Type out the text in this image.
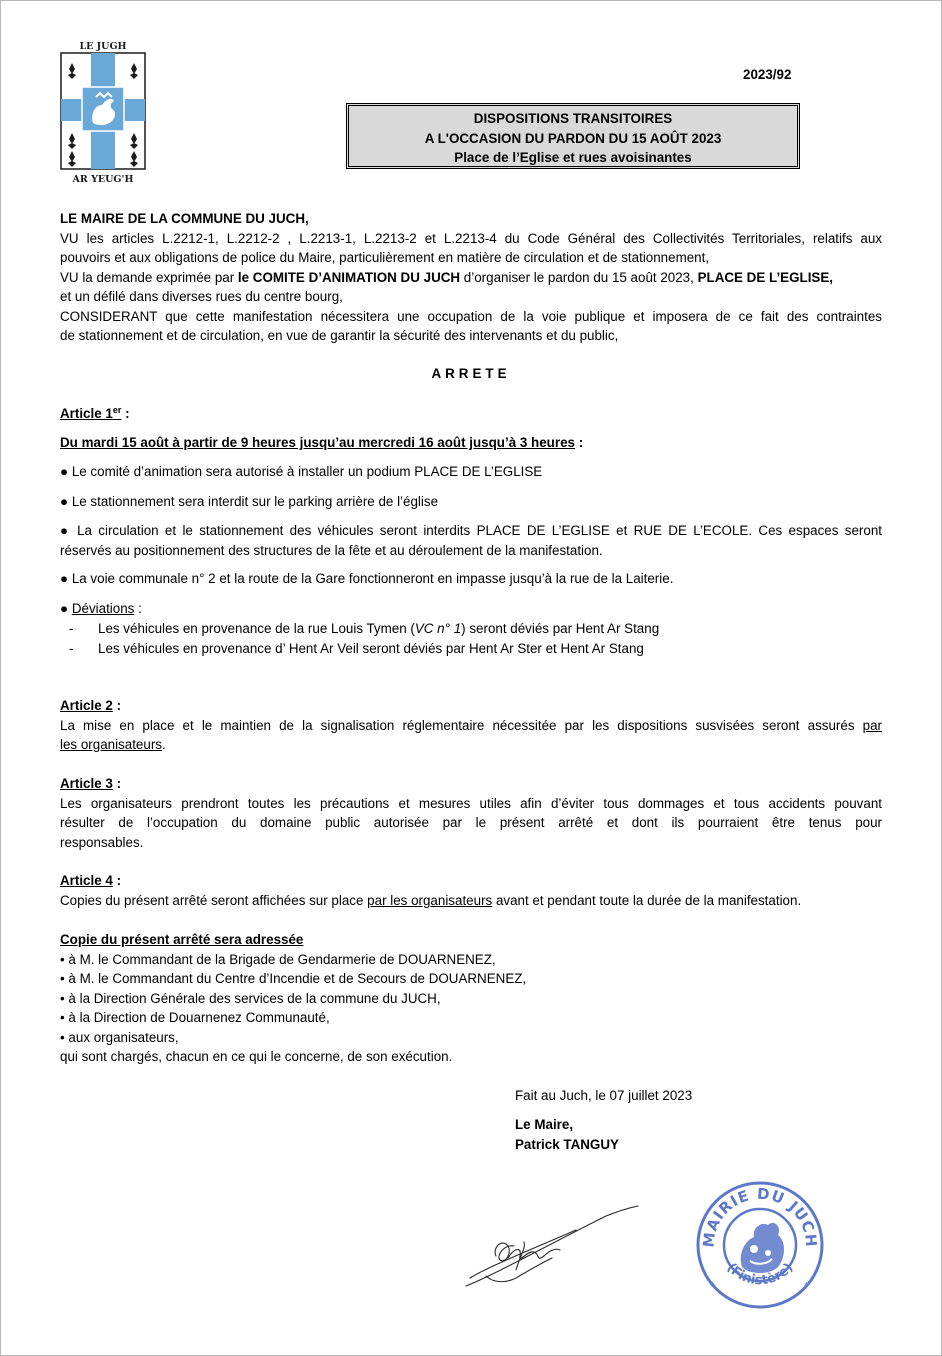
LE JUGH
AR YEUG'H
2023/92
DISPOSITIONS TRANSITOIRES
A L'OCCASION DU PARDON DU 15 AOÛT 2023
Place de l’Eglise et rues avoisinantes

LE MAIRE DE LA COMMUNE DU JUCH,

VU les articles L.2212-1, L.2212-2 , L.2213-1, L.2213-2 et L.2213-4 du Code Général des Collectivités Territoriales, relatifs aux

pouvoirs et aux obligations de police du Maire, particulièrement en matière de circulation et de stationnement,

VU la demande exprimée par le COMITE D’ANIMATION DU JUCH d’organiser le pardon du 15 août 2023, PLACE DE L’EGLISE,

et un défilé dans diverses rues du centre bourg,

CONSIDERANT que cette manifestation nécessitera une occupation de la voie publique et imposera de ce fait des contraintes

de stationnement et de circulation, en vue de garantir la sécurité des intervenants et du public,

ARRETE

Article 1er :

Du mardi 15 août à partir de 9 heures jusqu’au mercredi 16 août jusqu’à 3 heures :

● Le comité d’animation sera autorisé à installer un podium PLACE DE L’EGLISE

● Le stationnement sera interdit sur le parking arrière de l’église

● La circulation et le stationnement des véhicules seront interdits PLACE DE L’EGLISE et RUE DE L’ECOLE. Ces espaces seront

réservés au positionnement des structures de la fête et au déroulement de la manifestation.

● La voie communale n° 2 et la route de la Gare fonctionneront en impasse jusqu’à la rue de la Laiterie.

● Déviations :

- Les véhicules en provenance de la rue Louis Tymen (VC n° 1) seront déviés par Hent Ar Stang

- Les véhicules en provenance d’ Hent Ar Veil seront déviés par Hent Ar Ster et Hent Ar Stang

Article 2 :

La mise en place et le maintien de la signalisation réglementaire nécessitée par les dispositions susvisées seront assurés par

les organisateurs.

Article 3 :

Les organisateurs prendront toutes les précautions et mesures utiles afin d’éviter tous dommages et tous accidents pouvant

résulter de l’occupation du domaine public autorisée par le présent arrêté et dont ils pourraient être tenus pour

responsables.

Article 4 :

Copies du présent arrêté seront affichées sur place par les organisateurs avant et pendant toute la durée de la manifestation.

Copie du présent arrêté sera adressée

• à M. le Commandant de la Brigade de Gendarmerie de DOUARNENEZ,

• à M. le Commandant du Centre d’Incendie et de Secours de DOUARNENEZ,

• à la Direction Générale des services de la commune du JUCH,

• à la Direction de Douarnenez Communauté,

• aux organisateurs,

qui sont chargés, chacun en ce qui le concerne, de son exécution.

Fait au Juch, le 07 juillet 2023

Le Maire,

Patrick TANGUY

MAIRIE DU JUCH
(Finistère)
*	*
